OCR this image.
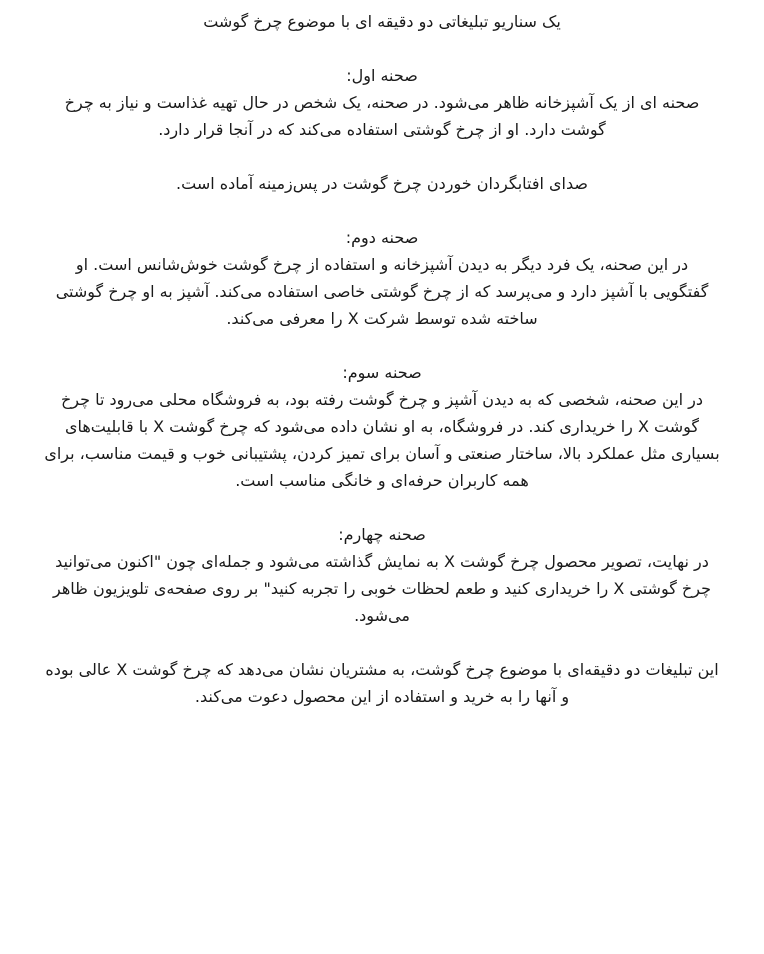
یک سناریو تبلیغاتی دو دقیقه ای با موضوع چرخ گوشت
صحنه اول:

صحنه ای از یک آشپزخانه ظاهر می‌شود. در صحنه، یک شخص در حال تهیه غذاست و نیاز به چرخ
گوشت دارد. او از چرخ گوشتی استفاده می‌کند که در آنجا قرار دارد.

صدای افتابگردان خوردن چرخ گوشت در پس‌زمینه آماده است.

صحنه دوم:

در این صحنه، یک فرد دیگر به دیدن آشپزخانه و استفاده از چرخ گوشت خوش‌شانس است. او
گفتگویی با آشپز دارد و می‌پرسد که از چرخ گوشتی خاصی استفاده می‌کند. آشپز به او چرخ گوشتی
ساخته شده توسط شرکت X را معرفی می‌کند.

صحنه سوم:

در این صحنه، شخصی که به دیدن آشپز و چرخ گوشت رفته بود، به فروشگاه محلی می‌رود تا چرخ
گوشت X را خریداری کند. در فروشگاه، به او نشان داده می‌شود که چرخ گوشت X با قابلیت‌های
بسیاری مثل عملکرد بالا، ساختار صنعتی و آسان برای تمیز کردن، پشتیبانی خوب و قیمت مناسب، برای
همه کاربران حرفه‌ای و خانگی مناسب است.

صحنه چهارم:

در نهایت، تصویر محصول چرخ گوشت X به نمایش گذاشته می‌شود و جمله‌ای چون "اکنون می‌توانید
چرخ گوشتی X را خریداری کنید و طعم لحظات خوبی را تجربه کنید" بر روی صفحه‌ی تلویزیون ظاهر
می‌شود.

این تبلیغات دو دقیقه‌ای با موضوع چرخ گوشت، به مشتریان نشان می‌دهد که چرخ گوشت X عالی بوده
و آنها را به خرید و استفاده از این محصول دعوت می‌کند.
